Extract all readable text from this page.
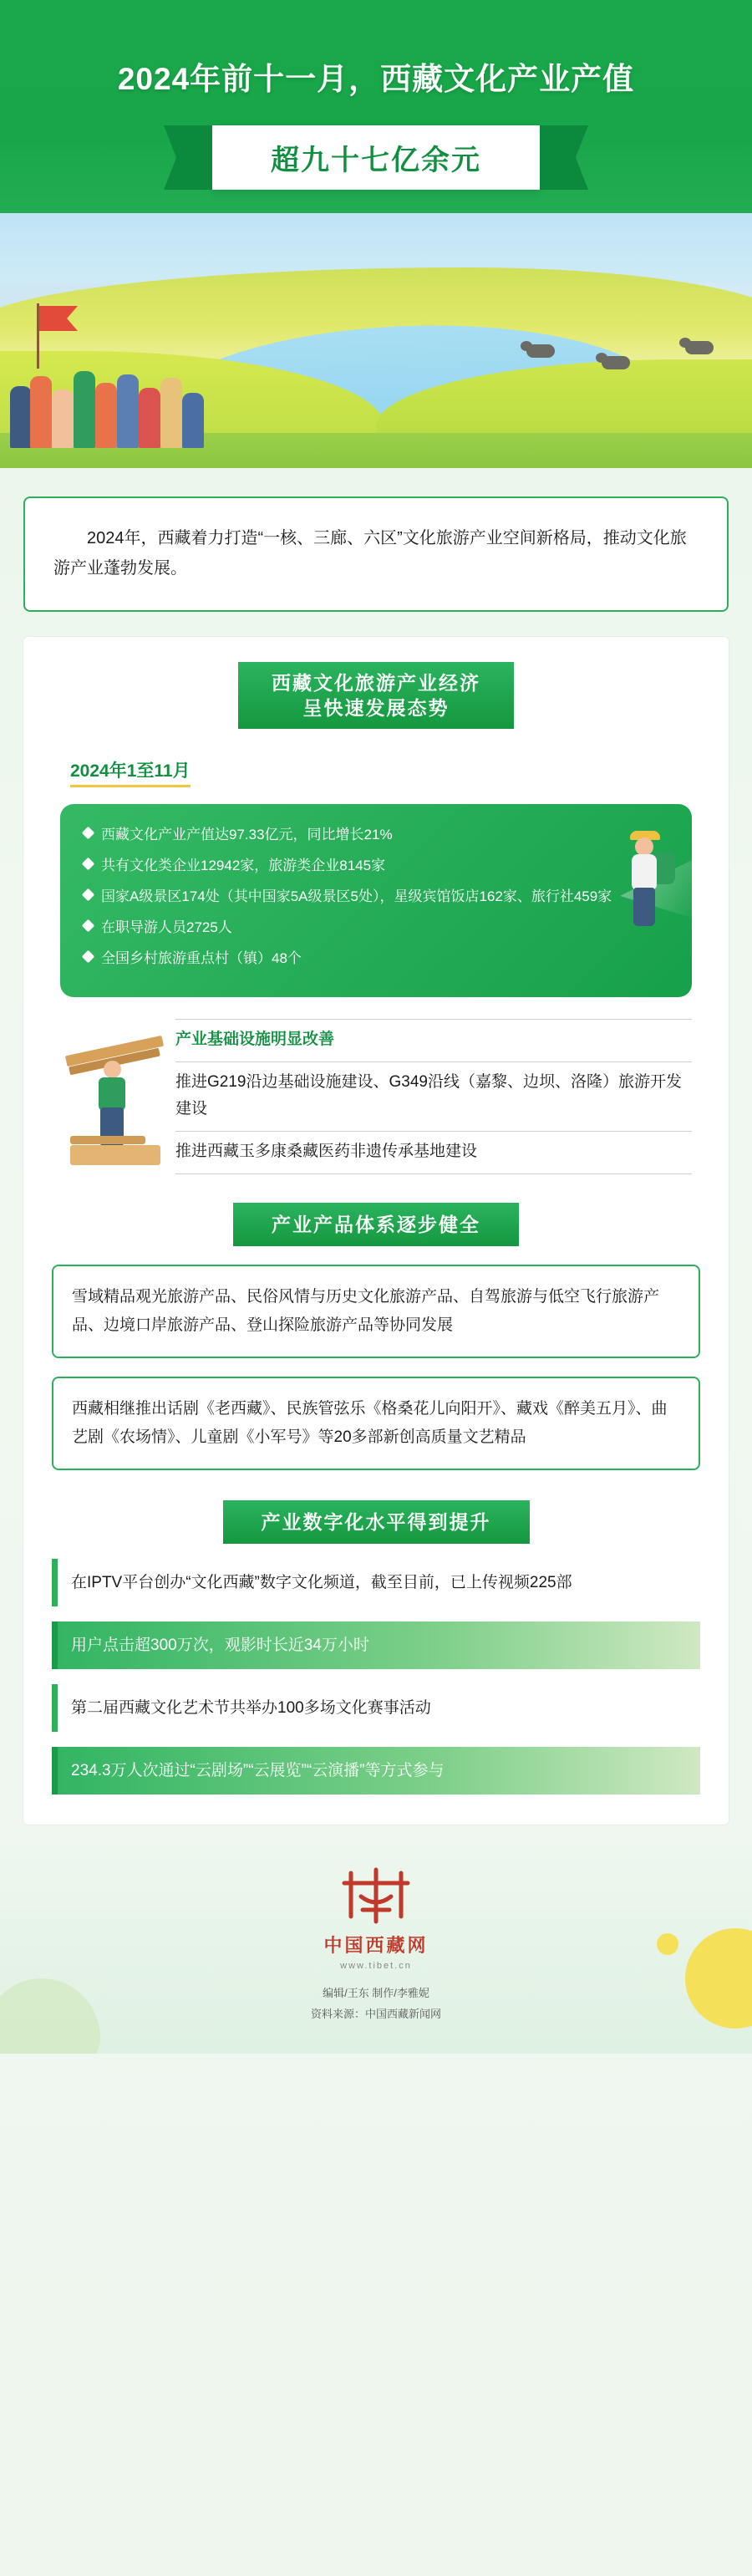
2024年前十一月，西藏文化产业产值
超九十七亿余元
2024年，西藏着力打造“一核、三廊、六区”文化旅游产业空间新格局，推动文化旅游产业蓬勃发展。
西藏文化旅游产业经济
呈快速发展态势
2024年1至11月
西藏文化产业产值达97.33亿元，同比增长21%
共有文化类企业12942家，旅游类企业8145家
国家A级景区174处（其中国家5A级景区5处），星级宾馆饭店162家、旅行社459家
在职导游人员2725人
全国乡村旅游重点村（镇）48个
产业基础设施明显改善
推进G219沿边基础设施建设、G349沿线（嘉黎、边坝、洛隆）旅游开发建设
推进西藏玉多康桑藏医药非遗传承基地建设
产业产品体系逐步健全
雪域精品观光旅游产品、民俗风情与历史文化旅游产品、自驾旅游与低空飞行旅游产品、边境口岸旅游产品、登山探险旅游产品等协同发展
西藏相继推出话剧《老西藏》、民族管弦乐《格桑花儿向阳开》、藏戏《醉美五月》、曲艺剧《农场情》、儿童剧《小军号》等20多部新创高质量文艺精品
产业数字化水平得到提升
在IPTV平台创办“文化西藏”数字文化频道，截至目前，已上传视频225部
用户点击超300万次，观影时长近34万小时
第二届西藏文化艺术节共举办100多场文化赛事活动
234.3万人次通过“云剧场”“云展览”“云演播”等方式参与
中国西藏网
www.tibet.cn
编辑/王东 制作/李雅妮
资料来源：中国西藏新闻网
